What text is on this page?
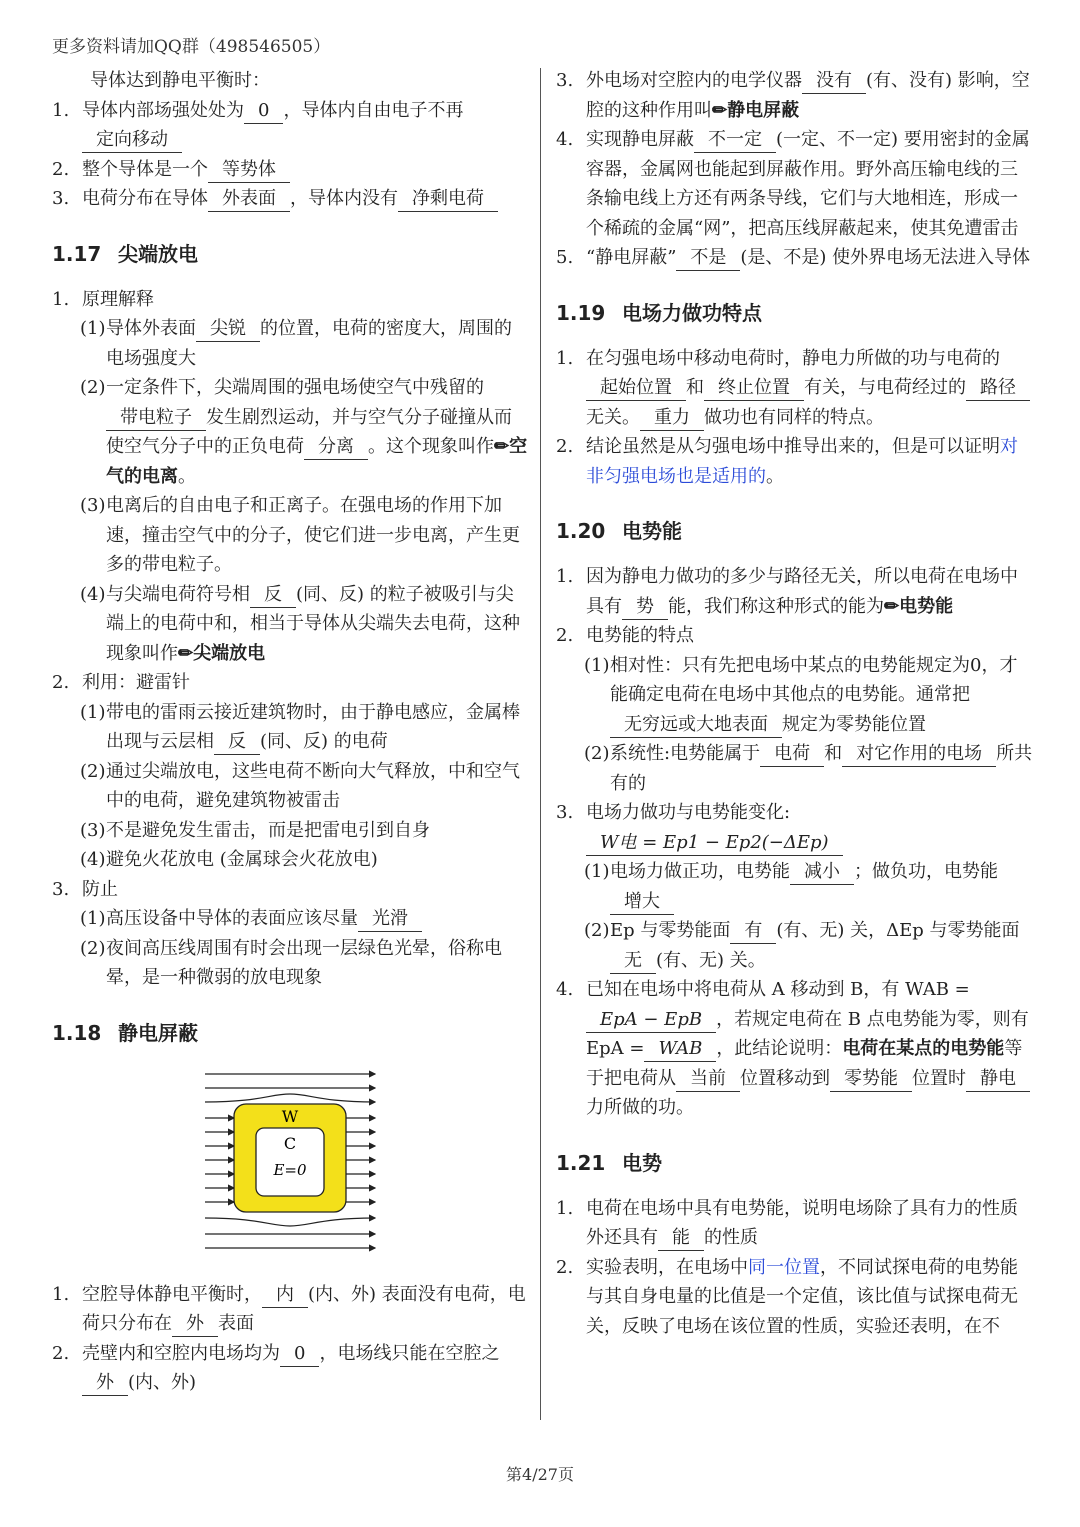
更多资料请加QQ群（498546505）
导体达到静电平衡时：
1. 导体内部场强处处为 0 ，导体内自由电子不再定向移动
2. 整个导体是一个 等势体
3. 电荷分布在导体 外表面 ，导体内没有 净剩电荷
1.17 尖端放电
1. 原理解释
(1) 导体外表面 尖锐 的位置，电荷的密度大，周围的电场强度大
(2) 一定条件下，尖端周围的强电场使空气中残留的带电粒子 发生剧烈运动，并与空气分子碰撞从而使空气分子中的正负电荷 分离 。这个现象叫作✏空气的电离。
(3) 电离后的自由电子和正离子。在强电场的作用下加速，撞击空气中的分子，使它们进一步电离，产生更多的带电粒子。
(4) 与尖端电荷符号相 反 (同、反) 的粒子被吸引与尖端上的电荷中和，相当于导体从尖端失去电荷，这种现象叫作✏尖端放电
2. 利用：避雷针
(1) 带电的雷雨云接近建筑物时，由于静电感应，金属棒出现与云层相 反 (同、反) 的电荷
(2) 通过尖端放电，这些电荷不断向大气释放，中和空气中的电荷，避免建筑物被雷击
(3) 不是避免发生雷击，而是把雷电引到自身
(4) 避免火花放电 (金属球会火花放电)
3. 防止
(1) 高压设备中导体的表面应该尽量 光滑
(2) 夜间高压线周围有时会出现一层绿色光晕，俗称电晕，是一种微弱的放电现象
1.18 静电屏蔽
W
C
E=0
1. 空腔导体静电平衡时， 内 (内、外) 表面没有电荷，电荷只分布在 外 表面
2. 壳壁内和空腔内电场均为 0 ，电场线只能在空腔之外 (内、外)
3. 外电场对空腔内的电学仪器 没有 (有、没有) 影响，空腔的这种作用叫✏静电屏蔽
4. 实现静电屏蔽 不一定 (一定、不一定) 要用密封的金属容器，金属网也能起到屏蔽作用。野外高压输电线的三条输电线上方还有两条导线，它们与大地相连，形成一个稀疏的金属“网”，把高压线屏蔽起来，使其免遭雷击
5. “静电屏蔽” 不是 (是、不是) 使外界电场无法进入导体
1.19 电场力做功特点
1. 在匀强电场中移动电荷时，静电力所做的功与电荷的起始位置 和 终止位置 有关，与电荷经过的 路径无关。 重力 做功也有同样的特点。
2. 结论虽然是从匀强电场中推导出来的，但是可以证明对非匀强电场也是适用的。
1.20 电势能
1. 因为静电力做功的多少与路径无关，所以电荷在电场中具有 势 能，我们称这种形式的能为✏电势能
2. 电势能的特点
(1) 相对性：只有先把电场中某点的电势能规定为0，才能确定电荷在电场中其他点的电势能。通常把无穷远或大地表面 规定为零势能位置
(2) 系统性:电势能属于 电荷 和 对它作用的电场 所共有的
3. 电场力做功与电势能变化:W电 = Ep1 − Ep2(−ΔEp)
(1) 电场力做正功，电势能 减小 ；做负功，电势能增大
(2) Ep 与零势能面 有 (有、无) 关，ΔEp 与零势能面无 (有、无) 关。
4. 已知在电场中将电荷从 A 移动到 B，有 WAB =EpA − EpB ，若规定电荷在 B 点电势能为零，则有 EpA = WAB ，此结论说明：电荷在某点的电势能等于把电荷从 当前 位置移动到 零势能 位置时 静电力所做的功。
1.21 电势
1. 电荷在电场中具有电势能，说明电场除了具有力的性质外还具有 能 的性质
2. 实验表明，在电场中同一位置，不同试探电荷的电势能与其自身电量的比值是一个定值，该比值与试探电荷无关，反映了电场在该位置的性质，实验还表明，在不
第4/27页
